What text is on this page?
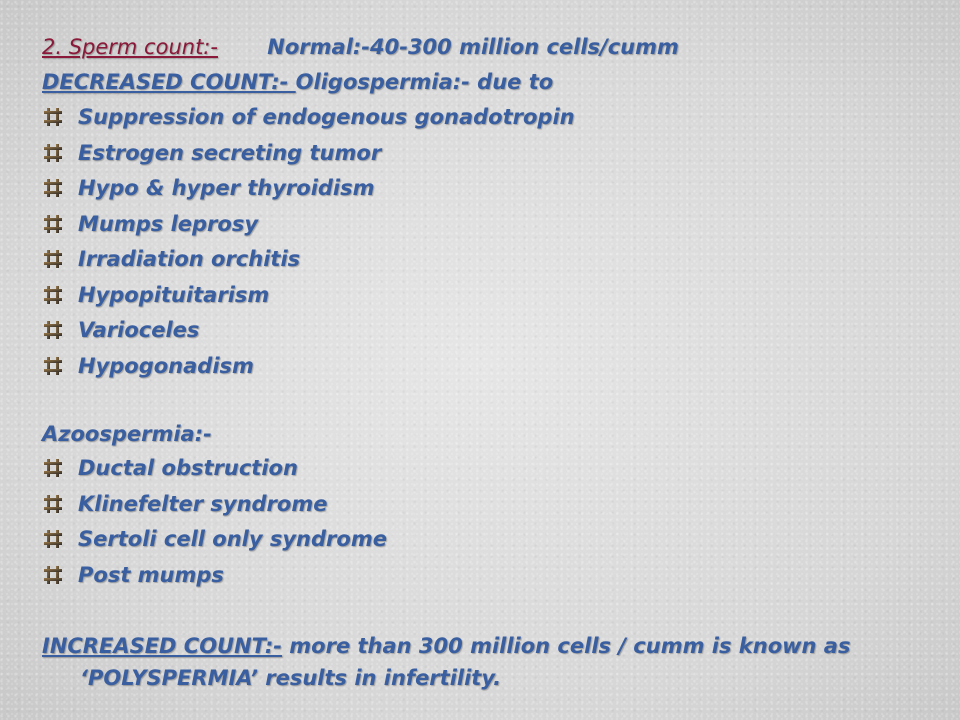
2. Sperm count:- Normal:-40-300 million cells/cumm
DECREASED COUNT:- Oligospermia:- due to
Suppression of endogenous gonadotropin
Estrogen secreting tumor
Hypo & hyper thyroidism
Mumps leprosy
Irradiation orchitis
Hypopituitarism
Varioceles
Hypogonadism
Azoospermia:-
Ductal obstruction
Klinefelter syndrome
Sertoli cell only syndrome
Post mumps
INCREASED COUNT:- more than 300 million cells / cumm is known as
‘POLYSPERMIA’ results in infertility.
